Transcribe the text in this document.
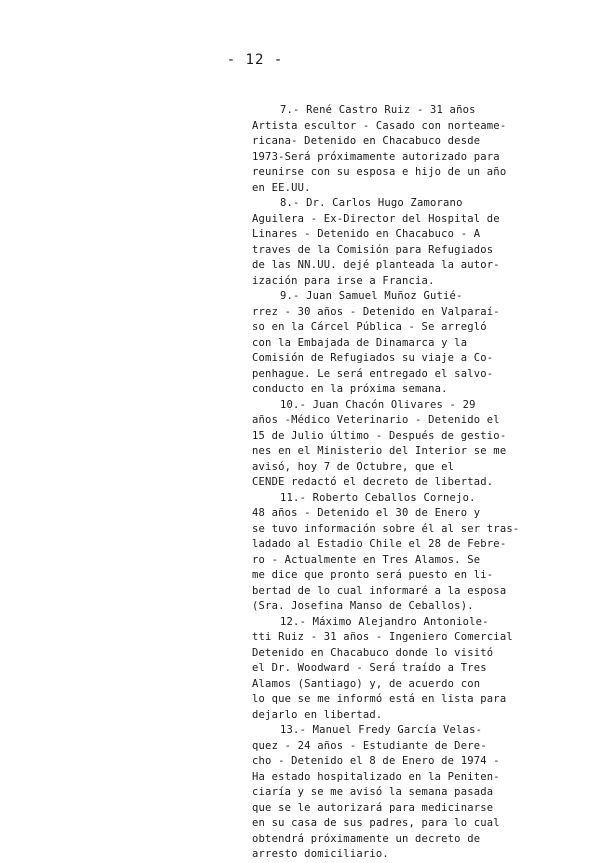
- 12 -
7.- René Castro Ruiz - 31 años
Artista escultor - Casado con norteame-
ricana- Detenido en Chacabuco desde
1973-Será próximamente autorizado para
reunirse con su esposa e hijo de un año
en EE.UU.
8.- Dr. Carlos Hugo Zamorano
Aguilera - Ex-Director del Hospital de
Linares - Detenido en Chacabuco - A
traves de la Comisión para Refugiados
de las NN.UU. dejé planteada la autor-
ización para irse a Francia.
9.- Juan Samuel Muñoz Gutié-
rrez - 30 años - Detenido en Valparaí-
so en la Cárcel Pública - Se arregló
con la Embajada de Dinamarca y la
Comisión de Refugiados su viaje a Co-
penhague. Le será entregado el salvo-
conducto en la próxima semana.
10.- Juan Chacón Olivares - 29
años -Médico Veterinario - Detenido el
15 de Julio último - Después de gestio-
nes en el Ministerio del Interior se me
avisó, hoy 7 de Octubre, que el
CENDE redactó el decreto de libertad.
11.- Roberto Ceballos Cornejo.
48 años - Detenido el 30 de Enero y
se tuvo información sobre él al ser tras-
ladado al Estadio Chile el 28 de Febre-
ro - Actualmente en Tres Alamos. Se
me dice que pronto será puesto en li-
bertad de lo cual informaré a la esposa
(Sra. Josefina Manso de Ceballos).
12.- Máximo Alejandro Antoniole-
tti Ruiz - 31 años - Ingeniero Comercial
Detenido en Chacabuco donde lo visitó
el Dr. Woodward - Será traído a Tres
Alamos (Santiago) y, de acuerdo con
lo que se me informó está en lista para
dejarlo en libertad.
13.- Manuel Fredy García Velas-
quez - 24 años - Estudiante de Dere-
cho - Detenido el 8 de Enero de 1974 -
Ha estado hospitalizado en la Peniten-
ciaría y se me avisó la semana pasada
que se le autorizará para medicinarse
en su casa de sus padres, para lo cual
obtendrá próximamente un decreto de
arresto domiciliario.
